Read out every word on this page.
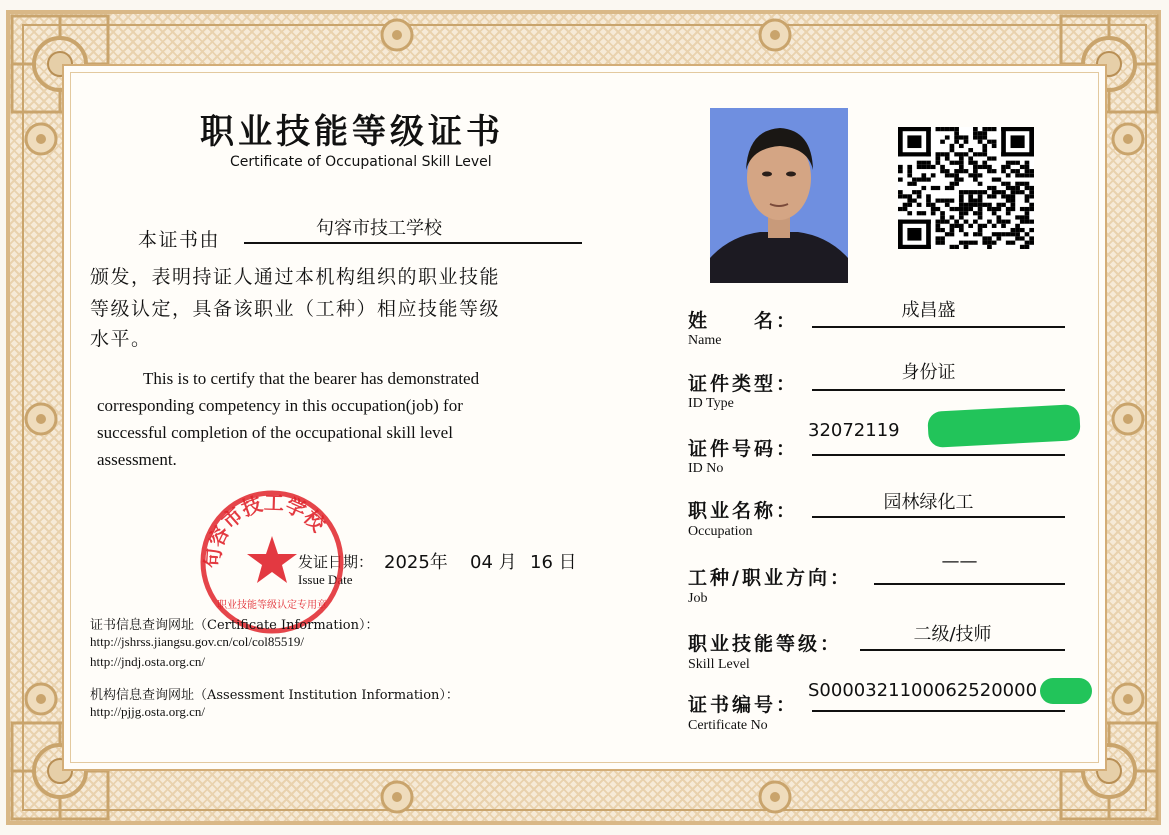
职业技能等级证书
Certificate of Occupational Skill Level
本证书由
句容市技工学校
颁发，表明持证人通过本机构组织的职业技能
等级认定，具备该职业（工种）相应技能等级
水平。
This is to certify that the bearer has demonstrated
corresponding competency in this occupation(job) for
successful completion of the occupational skill level
assessment.
发证日期：
Issue Date
2025年 04 月 16 日
句容市技工学校
职业技能等级认定专用章
证书信息查询网址（Certificate Information）：
http://jshrss.jiangsu.gov.cn/col/col85519/
http://jndj.osta.org.cn/
机构信息查询网址（Assessment Institution Information）：
http://pjjg.osta.org.cn/
姓　　名：
Name
成昌盛
证件类型：
ID Type
身份证
证件号码：
ID No
32072119
职业名称：
Occupation
园林绿化工
工种/职业方向：
Job
——
职业技能等级：
Skill Level
二级/技师
证书编号：
Certificate No
S0000321100062520000
